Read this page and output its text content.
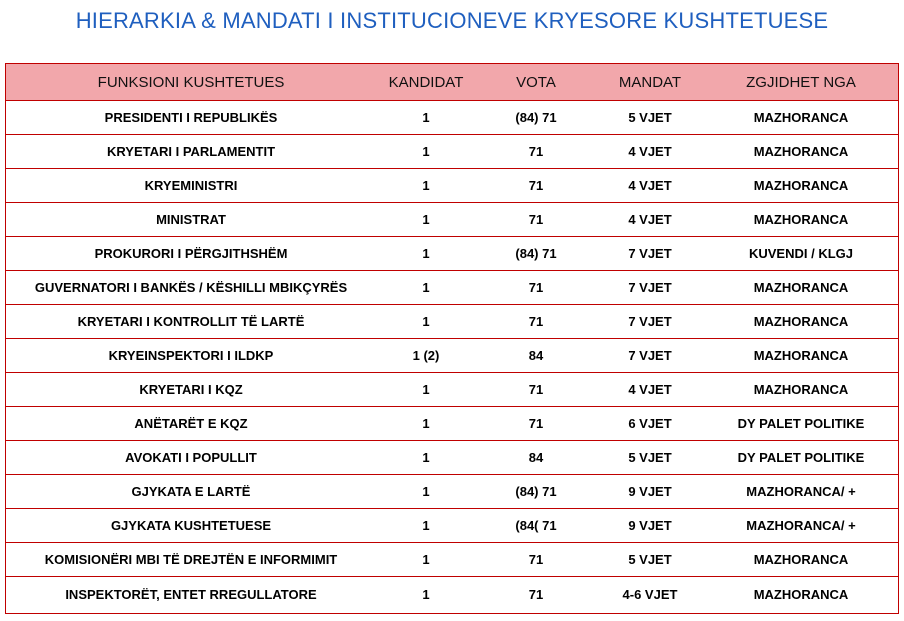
HIERARKIA & MANDATI I INSTITUCIONEVE KRYESORE KUSHTETUESE
FUNKSIONI KUSHTETUES	KANDIDAT	VOTA	MANDAT	ZGJIDHET NGA
PRESIDENTI I REPUBLIKËS	1	(84) 71	5 VJET	MAZHORANCA
KRYETARI I PARLAMENTIT	1	71	4 VJET	MAZHORANCA
KRYEMINISTRI	1	71	4 VJET	MAZHORANCA
MINISTRAT	1	71	4 VJET	MAZHORANCA
PROKURORI I PËRGJITHSHËM	1	(84) 71	7 VJET	KUVENDI / KLGJ
GUVERNATORI I BANKËS / KËSHILLI MBIKÇYRËS	1	71	7 VJET	MAZHORANCA
KRYETARI I KONTROLLIT TË LARTË	1	71	7 VJET	MAZHORANCA
KRYEINSPEKTORI I ILDKP	1 (2)	84	7 VJET	MAZHORANCA
KRYETARI I KQZ	1	71	4 VJET	MAZHORANCA
ANËTARËT E KQZ	1	71	6 VJET	DY PALET POLITIKE
AVOKATI I POPULLIT	1	84	5 VJET	DY PALET POLITIKE
GJYKATA E LARTË	1	(84) 71	9 VJET	MAZHORANCA/ +
GJYKATA KUSHTETUESE	1	(84( 71	9 VJET	MAZHORANCA/ +
KOMISIONËRI MBI TË DREJTËN E INFORMIMIT	1	71	5 VJET	MAZHORANCA
INSPEKTORËT, ENTET RREGULLATORE	1	71	4-6 VJET	MAZHORANCA
